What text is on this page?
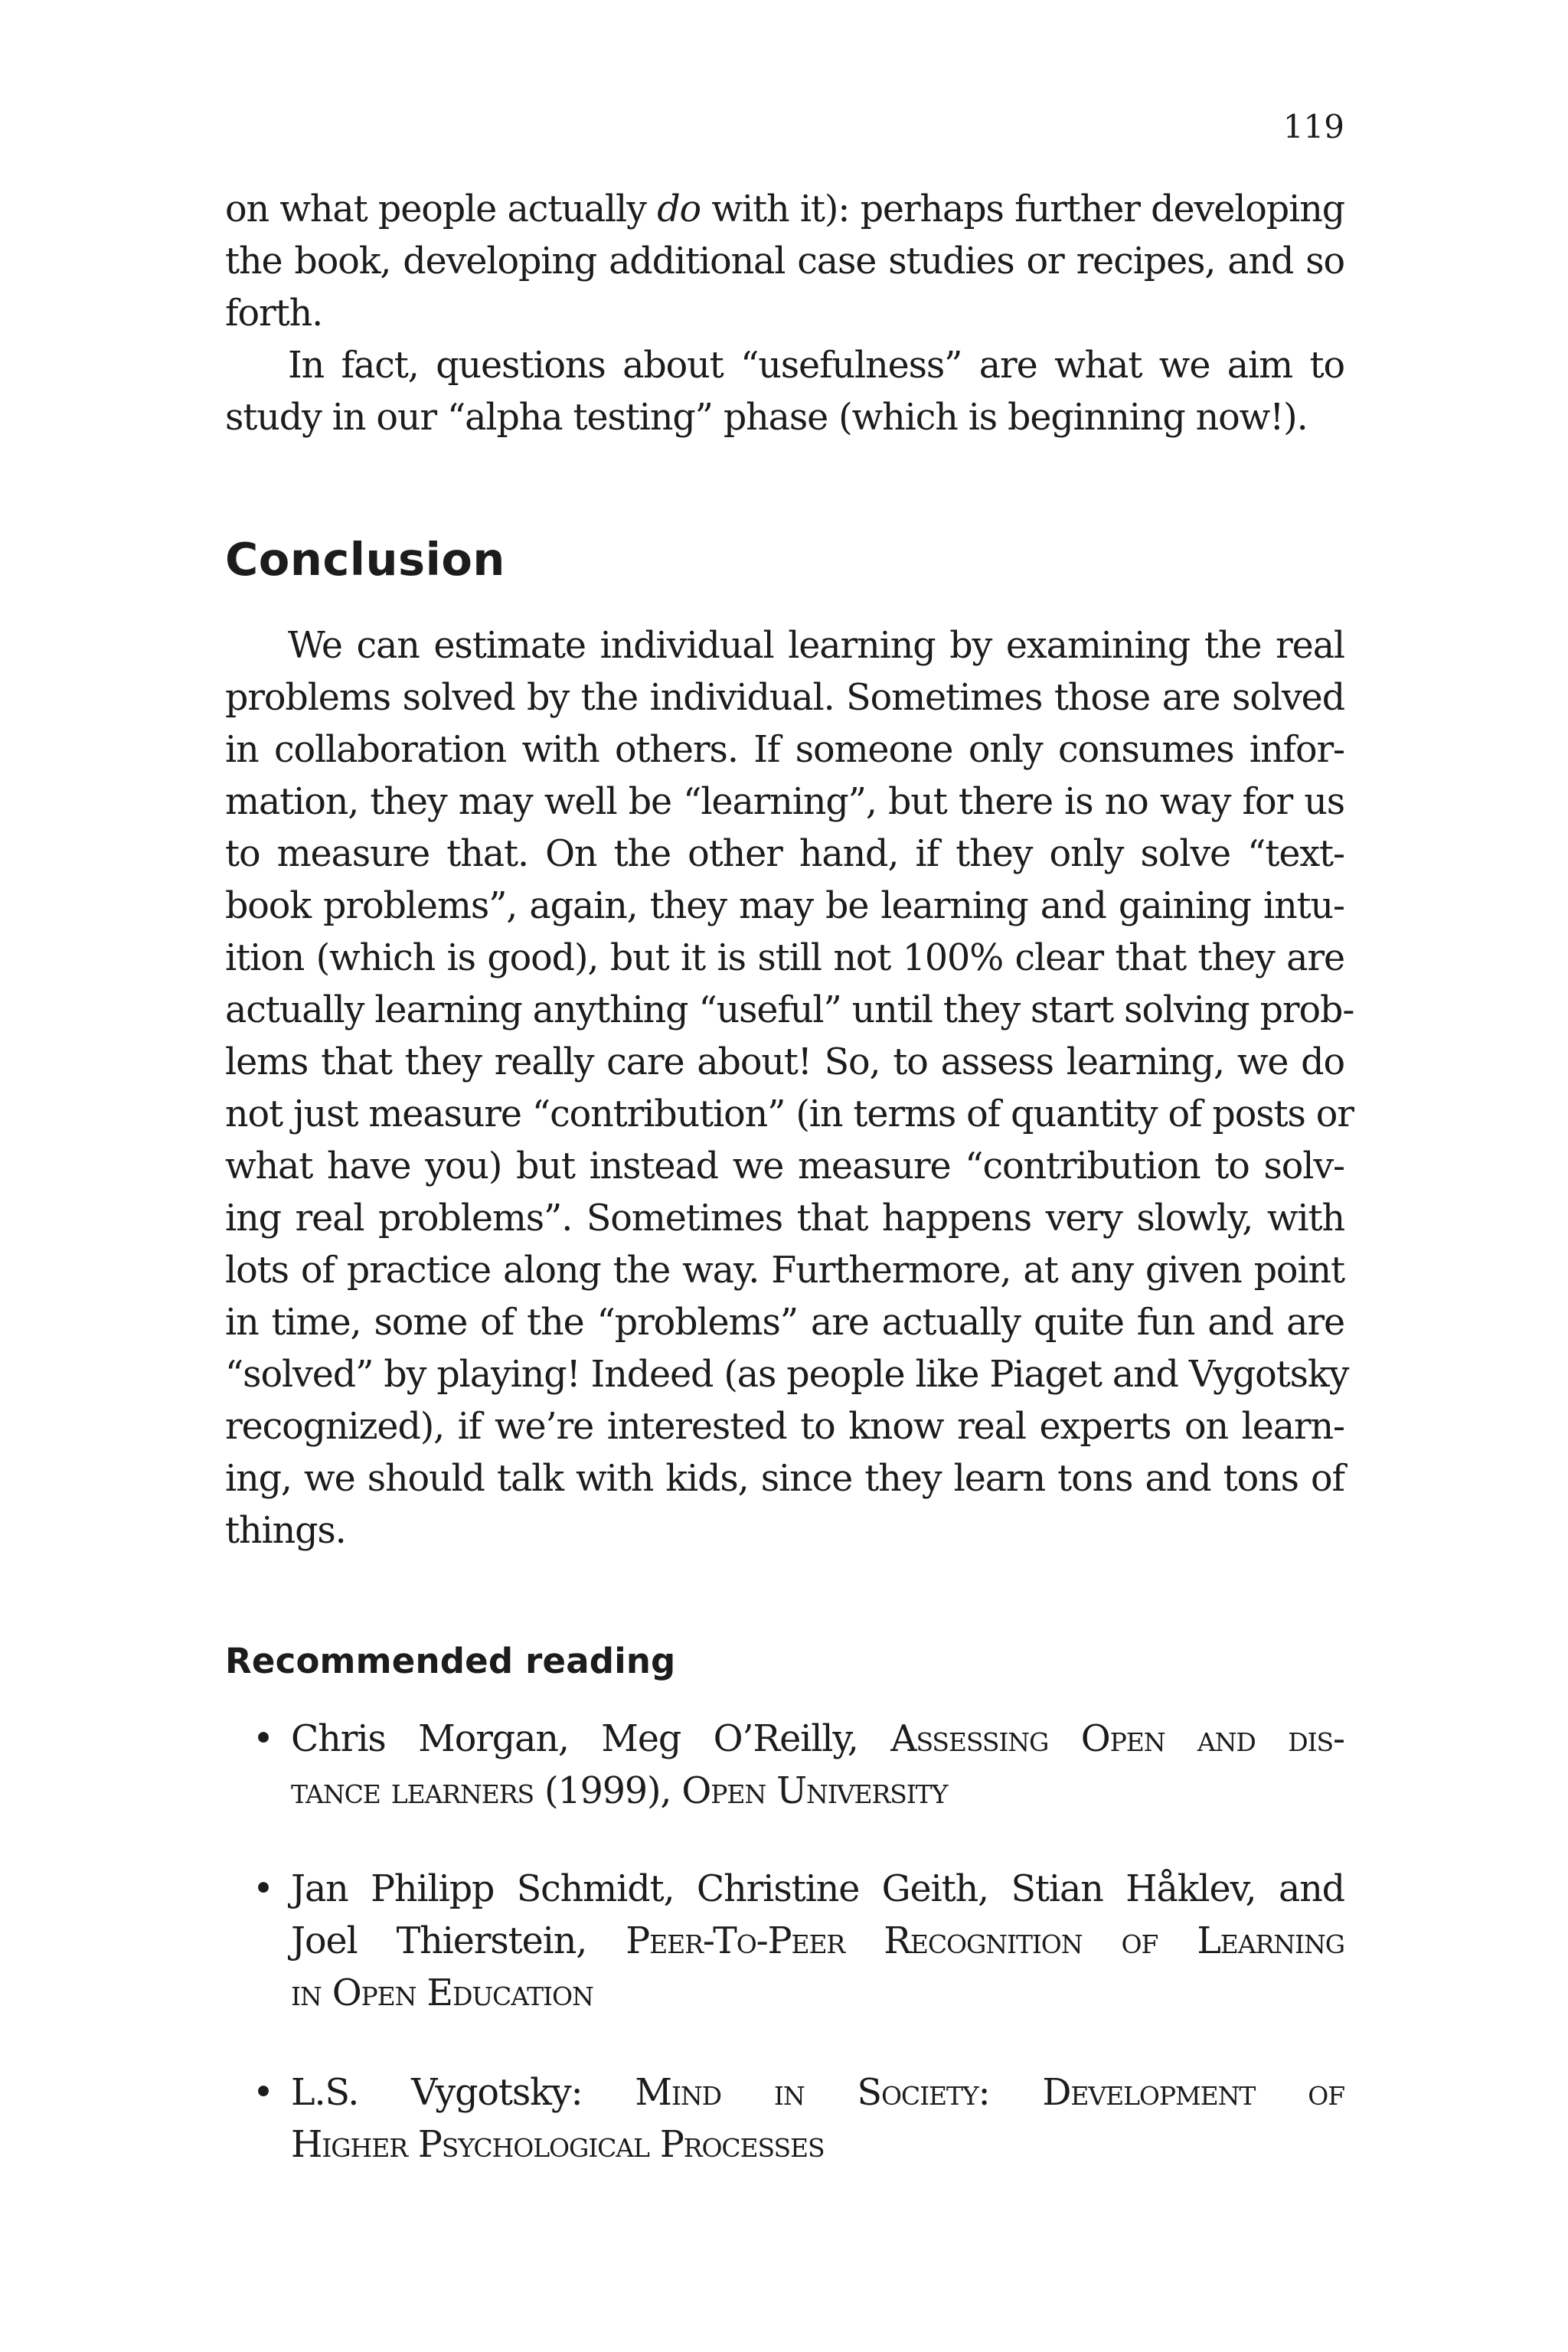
119
on what people actually do with it): perhaps further developing
the book, developing additional case studies or recipes, and so
forth.
In fact, questions about “usefulness” are what we aim to
study in our “alpha testing” phase (which is beginning now!).
Conclusion
We can estimate individual learning by examining the real
problems solved by the individual. Sometimes those are solved
in collaboration with others. If someone only consumes infor-
mation, they may well be “learning”, but there is no way for us
to measure that. On the other hand, if they only solve “text-
book problems”, again, they may be learning and gaining intu-
ition (which is good), but it is still not 100% clear that they are
actually learning anything “useful” until they start solving prob-
lems that they really care about! So, to assess learning, we do
not just measure “contribution” (in terms of quantity of posts or
what have you) but instead we measure “contribution to solv-
ing real problems”. Sometimes that happens very slowly, with
lots of practice along the way. Furthermore, at any given point
in time, some of the “problems” are actually quite fun and are
“solved” by playing! Indeed (as people like Piaget and Vygotsky
recognized), if we’re interested to know real experts on learn-
ing, we should talk with kids, since they learn tons and tons of
things.
Recommended reading
• Chris Morgan, Meg O’Reilly, Assessing Open and dis-
tance learners (1999), Open University
• Jan Philipp Schmidt, Christine Geith, Stian Håklev, and
Joel Thierstein, Peer-To-Peer Recognition of Learning
in Open Education
• L.S. Vygotsky: Mind in Society: Development of
Higher Psychological Processes
